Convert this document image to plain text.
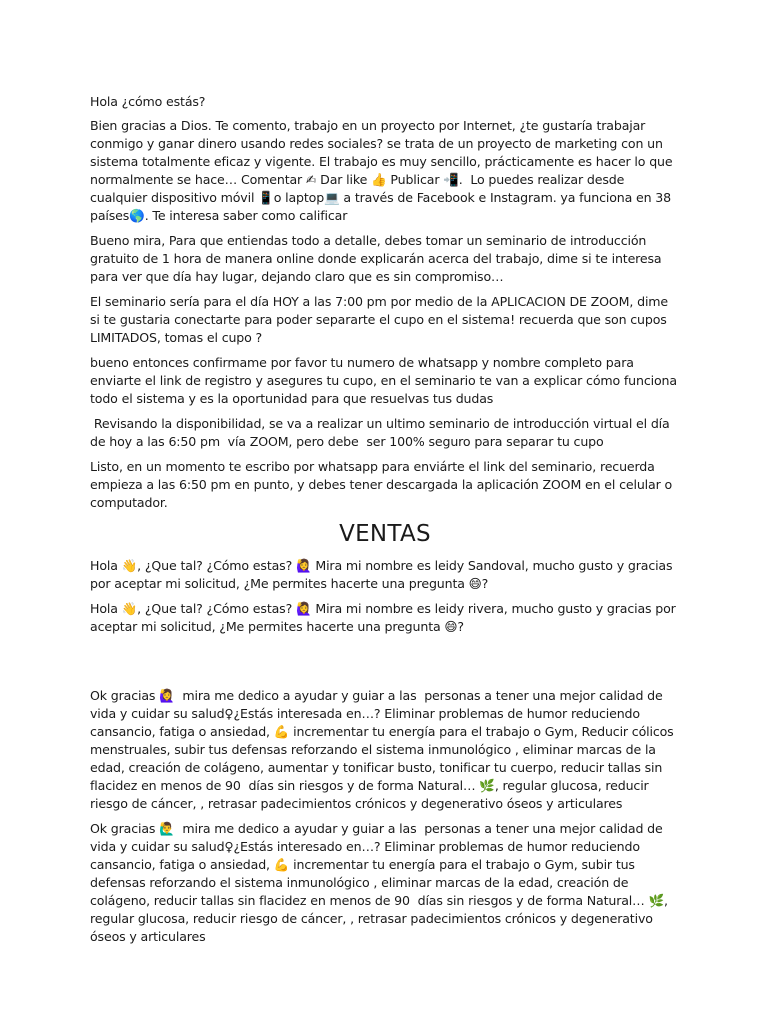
Hola ¿cómo estás?

Bien gracias a Dios. Te comento, trabajo en un proyecto por Internet, ¿te gustaría trabajar conmigo y ganar dinero usando redes sociales? se trata de un proyecto de marketing con un sistema totalmente eficaz y vigente. El trabajo es muy sencillo, prácticamente es hacer lo que normalmente se hace… Comentar ✍ Dar like 👍 Publicar 📲.  Lo puedes realizar desde cualquier dispositivo móvil 📱o laptop💻 a través de Facebook e Instagram. ya funciona en 38 países🌎. Te interesa saber como calificar

Bueno mira, Para que entiendas todo a detalle, debes tomar un seminario de introducción gratuito de 1 hora de manera online donde explicarán acerca del trabajo, dime si te interesa para ver que día hay lugar, dejando claro que es sin compromiso…

El seminario sería para el día HOY a las 7:00 pm por medio de la APLICACION DE ZOOM, dime si te gustaria conectarte para poder separarte el cupo en el sistema! recuerda que son cupos LIMITADOS, tomas el cupo ?

bueno entonces confirmame por favor tu numero de whatsapp y nombre completo para enviarte el link de registro y asegures tu cupo, en el seminario te van a explicar cómo funciona todo el sistema y es la oportunidad para que resuelvas tus dudas

Revisando la disponibilidad, se va a realizar un ultimo seminario de introducción virtual el día de hoy a las 6:50 pm  vía ZOOM, pero debe  ser 100% seguro para separar tu cupo

Listo, en un momento te escribo por whatsapp para enviárte el link del seminario, recuerda empieza a las 6:50 pm en punto, y debes tener descargada la aplicación ZOOM en el celular o computador.

VENTAS

Hola 👋, ¿Que tal? ¿Cómo estas? 🙋‍♀️ Mira mi nombre es leidy Sandoval, mucho gusto y gracias por aceptar mi solicitud, ¿Me permites hacerte una pregunta 😄?

Hola 👋, ¿Que tal? ¿Cómo estas? 🙋‍♀️ Mira mi nombre es leidy rivera, mucho gusto y gracias por aceptar mi solicitud, ¿Me permites hacerte una pregunta 😄?

Ok gracias 🙋‍♀️  mira me dedico a ayudar y guiar a las  personas a tener una mejor calidad de vida y cuidar su salud♀¿Estás interesada en…? Eliminar problemas de humor reduciendo cansancio, fatiga o ansiedad, 💪 incrementar tu energía para el trabajo o Gym, Reducir cólicos menstruales, subir tus defensas reforzando el sistema inmunológico , eliminar marcas de la edad, creación de colágeno, aumentar y tonificar busto, tonificar tu cuerpo, reducir tallas sin flacidez en menos de 90  días sin riesgos y de forma Natural… 🌿, regular glucosa, reducir riesgo de cáncer, , retrasar padecimientos crónicos y degenerativo óseos y articulares

Ok gracias 🙋‍♂️  mira me dedico a ayudar y guiar a las  personas a tener una mejor calidad de vida y cuidar su salud♀¿Estás interesado en…? Eliminar problemas de humor reduciendo cansancio, fatiga o ansiedad, 💪 incrementar tu energía para el trabajo o Gym, subir tus defensas reforzando el sistema inmunológico , eliminar marcas de la edad, creación de colágeno, reducir tallas sin flacidez en menos de 90  días sin riesgos y de forma Natural… 🌿, regular glucosa, reducir riesgo de cáncer, , retrasar padecimientos crónicos y degenerativo óseos y articulares
